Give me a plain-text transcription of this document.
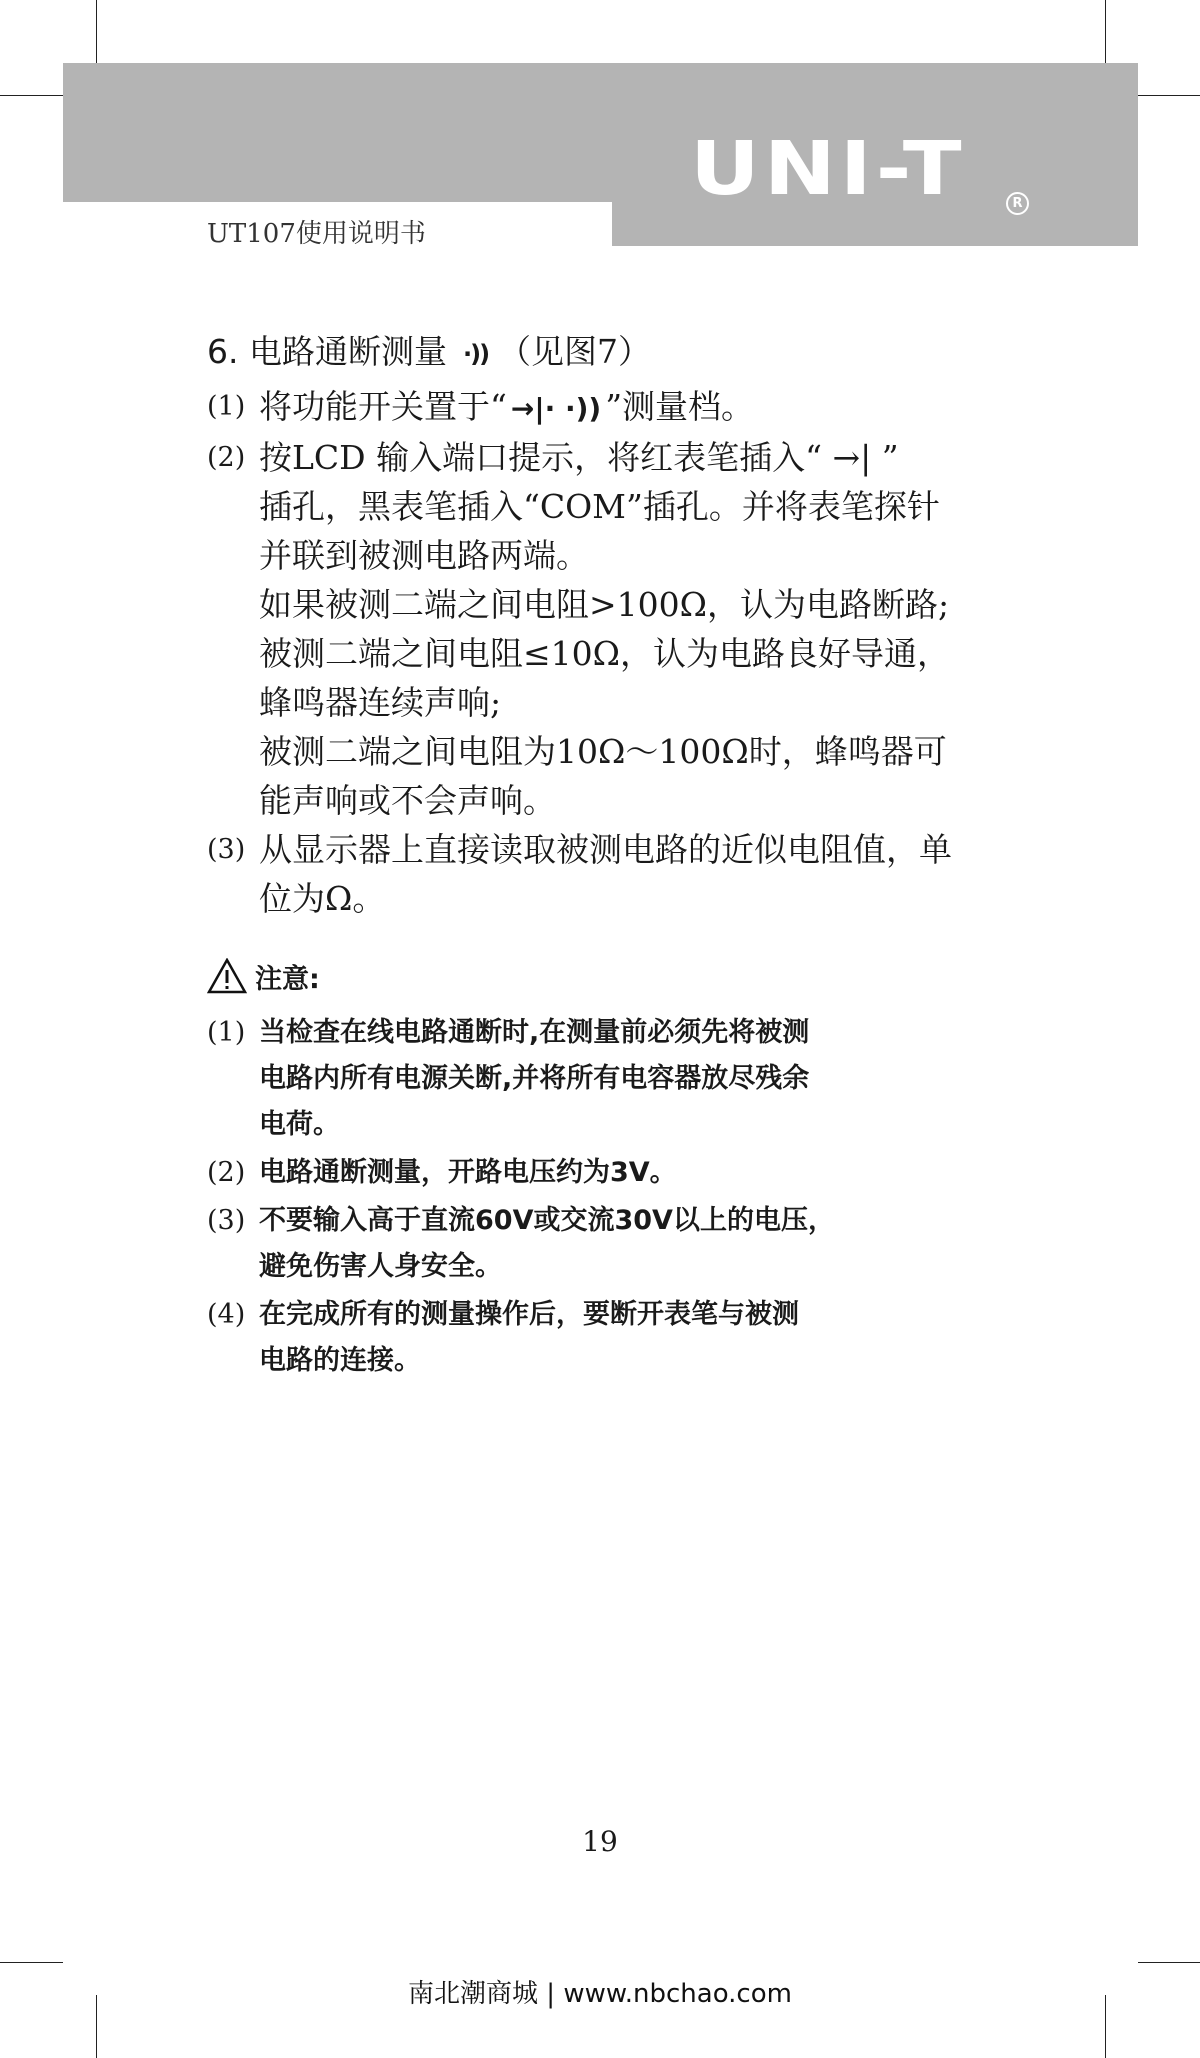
UNI-T	R
UT107使用说明书
6. 电路通断测量 ·)) （见图7）
(1) 将功能开关置于“ →|· ·)) ”测量档。
(2) 按LCD 输入端口提示，将红表笔插入“ →| ”
插孔，黑表笔插入“COM”插孔。并将表笔探针
并联到被测电路两端。
如果被测二端之间电阻>100Ω，认为电路断路;
被测二端之间电阻≤10Ω，认为电路良好导通，
蜂鸣器连续声响;
被测二端之间电阻为10Ω～100Ω时，蜂鸣器可
能声响或不会声响。
(3) 从显示器上直接读取被测电路的近似电阻值，单
位为Ω。
注意:
(1) 当检查在线电路通断时,在测量前必须先将被测
电路内所有电源关断,并将所有电容器放尽残余
电荷。
(2) 电路通断测量，开路电压约为3V。
(3) 不要输入高于直流60V或交流30V以上的电压，
避免伤害人身安全。
(4) 在完成所有的测量操作后，要断开表笔与被测
电路的连接。
19
南北潮商城 | www.nbchao.com
